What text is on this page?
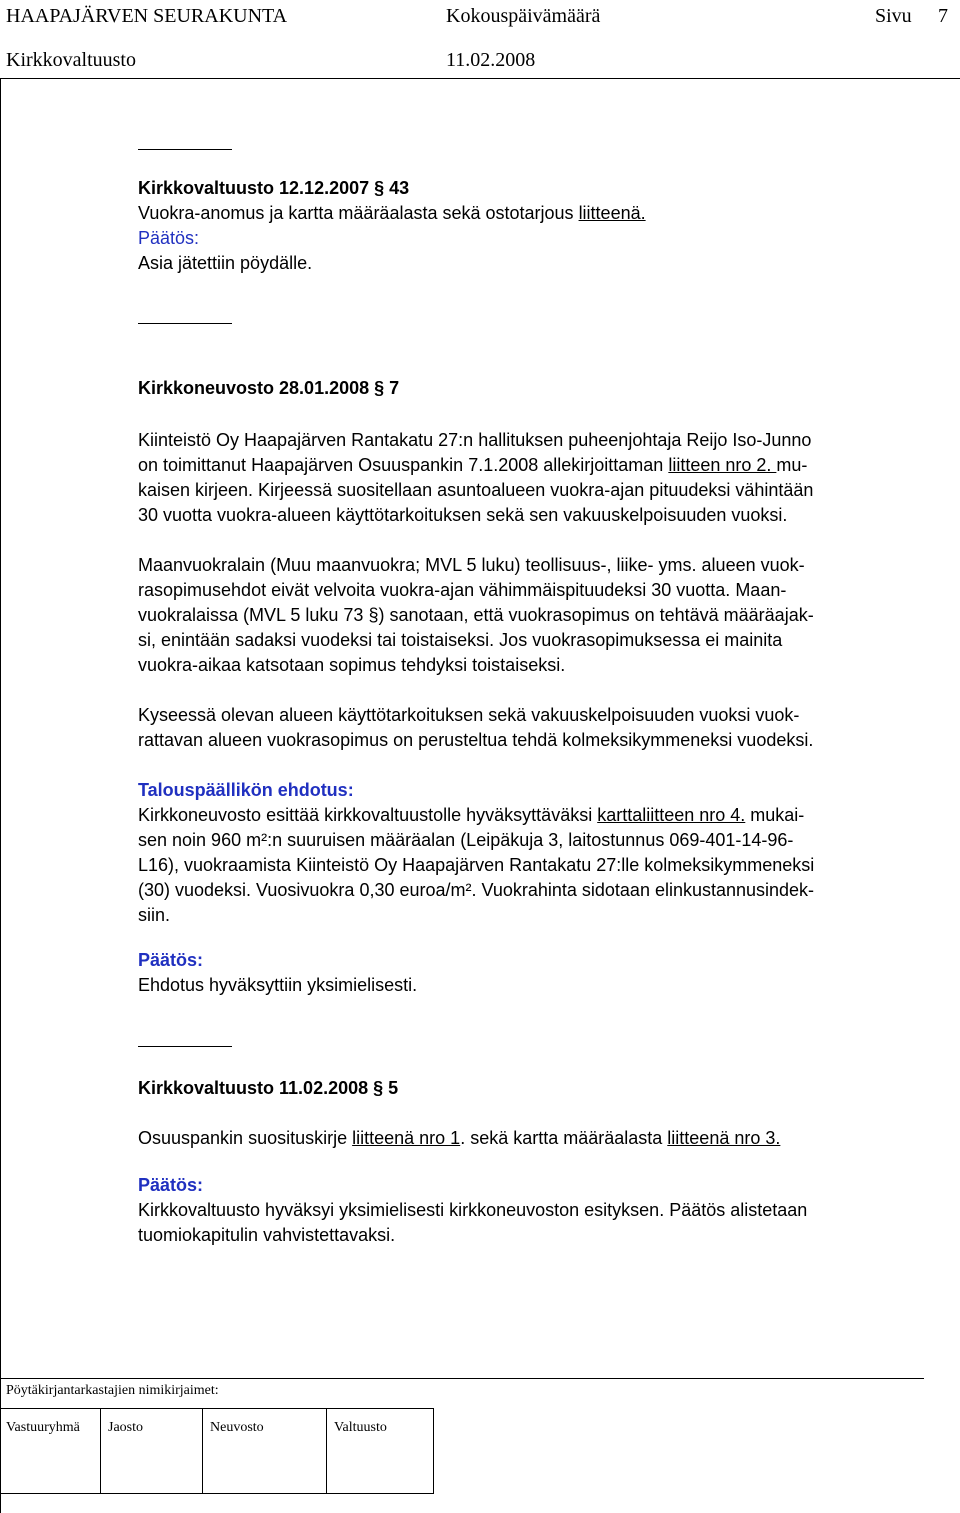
HAAPAJÄRVEN SEURAKUNTA	Kokouspäivämäärä	Sivu 7
Kirkkovaltuusto	11.02.2008
Kirkkovaltuusto 12.12.2007 § 43
Vuokra-anomus ja kartta määräalasta sekä ostotarjous liitteenä.
Päätös:
Asia jätettiin pöydälle.
Kirkkoneuvosto 28.01.2008 § 7
Kiinteistö Oy Haapajärven Rantakatu 27:n hallituksen puheenjohtaja Reijo Iso-Junno
on toimittanut Haapajärven Osuuspankin 7.1.2008 allekirjoittaman liitteen nro 2. mu-
kaisen kirjeen. Kirjeessä suositellaan asuntoalueen vuokra-ajan pituudeksi vähintään
30 vuotta vuokra-alueen käyttötarkoituksen sekä sen vakuuskelpoisuuden vuoksi.
Maanvuokralain (Muu maanvuokra; MVL 5 luku) teollisuus-, liike- yms. alueen vuok-
rasopimusehdot eivät velvoita vuokra-ajan vähimmäispituudeksi 30 vuotta. Maan-
vuokralaissa (MVL 5 luku 73 §) sanotaan, että vuokrasopimus on tehtävä määräajak-
si, enintään sadaksi vuodeksi tai toistaiseksi. Jos vuokrasopimuksessa ei mainita
vuokra-aikaa katsotaan sopimus tehdyksi toistaiseksi.
Kyseessä olevan alueen käyttötarkoituksen sekä vakuuskelpoisuuden vuoksi vuok-
rattavan alueen vuokrasopimus on perusteltua tehdä kolmeksikymmeneksi vuodeksi.
Talouspäällikön ehdotus:
Kirkkoneuvosto esittää kirkkovaltuustolle hyväksyttäväksi karttaliitteen nro 4. mukai-
sen noin 960 m²:n suuruisen määräalan (Leipäkuja 3, laitostunnus 069-401-14-96-
L16), vuokraamista Kiinteistö Oy Haapajärven Rantakatu 27:lle kolmeksikymmeneksi
(30) vuodeksi. Vuosivuokra 0,30 euroa/m². Vuokrahinta sidotaan elinkustannusindek-
siin.
Päätös:
Ehdotus hyväksyttiin yksimielisesti.
Kirkkovaltuusto 11.02.2008 § 5
Osuuspankin suosituskirje liitteenä nro 1. sekä kartta määräalasta liitteenä nro 3.
Päätös:
Kirkkovaltuusto hyväksyi yksimielisesti kirkkoneuvoston esityksen. Päätös alistetaan
tuomiokapitulin vahvistettavaksi.
Pöytäkirjantarkastajien nimikirjaimet:
Vastuuryhmä Jaosto	Neuvosto	Valtuusto
